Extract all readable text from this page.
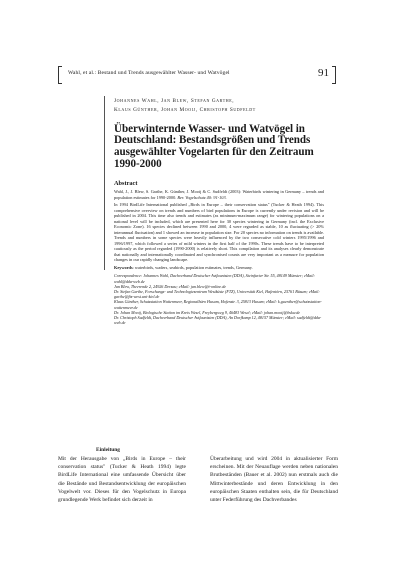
Wahl, et al.: Bestand und Trends ausgewählter Wasser- und Watvögel	91
Johannes Wahl, Jan Blew, Stefan Garthe,
Klaus Günther, Johan Mooij, Christoph Sudfeldt
Überwinternde Wasser- und Watvögel in Deutschland: Bestandsgrößen und Trends ausgewählter Vogelarten für den Zeitraum 1990-2000
Abstract
Wahl, J., J. Blew, S. Garthe, K. Günther, J. Mooij & C. Sudfeldt (2003): Waterbirds wintering in Germany – trends and population estimates for 1990-2000. Ber. Vogelschutz 40: 91-103.
In 1994 BirdLife International published „Birds in Europe – their conservation status" (Tucker & Heath 1994). This comprehensive overview on trends and numbers of bird populations in Europe is currently under revision and will be published in 2004. This time also trends and estimates (as minimum-maximum range) for wintering populations on a national level will be included, which are presented here for 30 species wintering in Germany (incl. the Exclusive Economic Zone). 16 species declined between 1990 and 2000, 4 were regarded as stable, 10 as fluctuating (> 20% interannual fluctuation) and 1 showed an increase in population size. For 20 species no information on trends is available. Trends and numbers in some species were heavily influenced by the two consecutive cold winters 1995/1996 and 1996/1997, which followed a series of mild winters in the first half of the 1990s. These trends have to be interpreted cautiously as the period regarded (1990-2000) is relatively short. This compilation and its analyses clearly demonstrate that nationally and internationally coordinated and synchronised counts are very important as a measure for population changes in our rapidly changing landscape.
Keywords: waterbirds, waders, seabirds, population estimates, trends, Germany.
Correspondence: Johannes Wahl, Dachverband Deutscher Avifaunisten (DDA), Steinfurter Str. 55, 48149 Münster; eMail: wahl@dda-web.de
Jan Blew, Theerende 2, 24926 Derzau; eMail: jan.blew@t-online.de
Dr. Stefan Garthe, Forschungs- und Technologiezentrum Westküste (FTZ), Universität Kiel, Hafentörn, 25761 Büsum; eMail: garthe@ftz-west.uni-kiel.de
Klaus Günther, Schutzstation Wattenmeer, Regionalbüro Husum, Hafenstr. 3, 25813 Husum; eMail: k.guenther@schutzstation-wattenmeer.de
Dr. Johan Mooij, Biologische Station im Kreis Wesel, Freybergweg 9, 46483 Wesel; eMail: johan.mooij@bskw.de
Dr. Christoph Sudfeldt, Dachverband Deutscher Avifaunisten (DDA), An Dorfkamp 12, 48157 Münster; eMail: sudfeldt@dda-web.de
Einleitung
Mit der Herausgabe von „Birds in Europe – their conservation status" (Tucker & Heath 1994) legte BirdLife International eine umfassende Übersicht über die Bestände und Bestandsentwicklung der europäischen Vogelwelt vor. Dieses für den Vogelschutz in Europa grundlegende Werk befindet sich derzeit in
Überarbeitung und wird 2004 in aktualisierter Form erscheinen. Mit der Neuauflage werden neben nationalen Brutbeständen (Bauer et al. 2002) nun erstmals auch die Mittwinterbestände und deren Entwicklung in den europäischen Staaten enthalten sein, die für Deutschland unter Federführung des Dachverbandes
